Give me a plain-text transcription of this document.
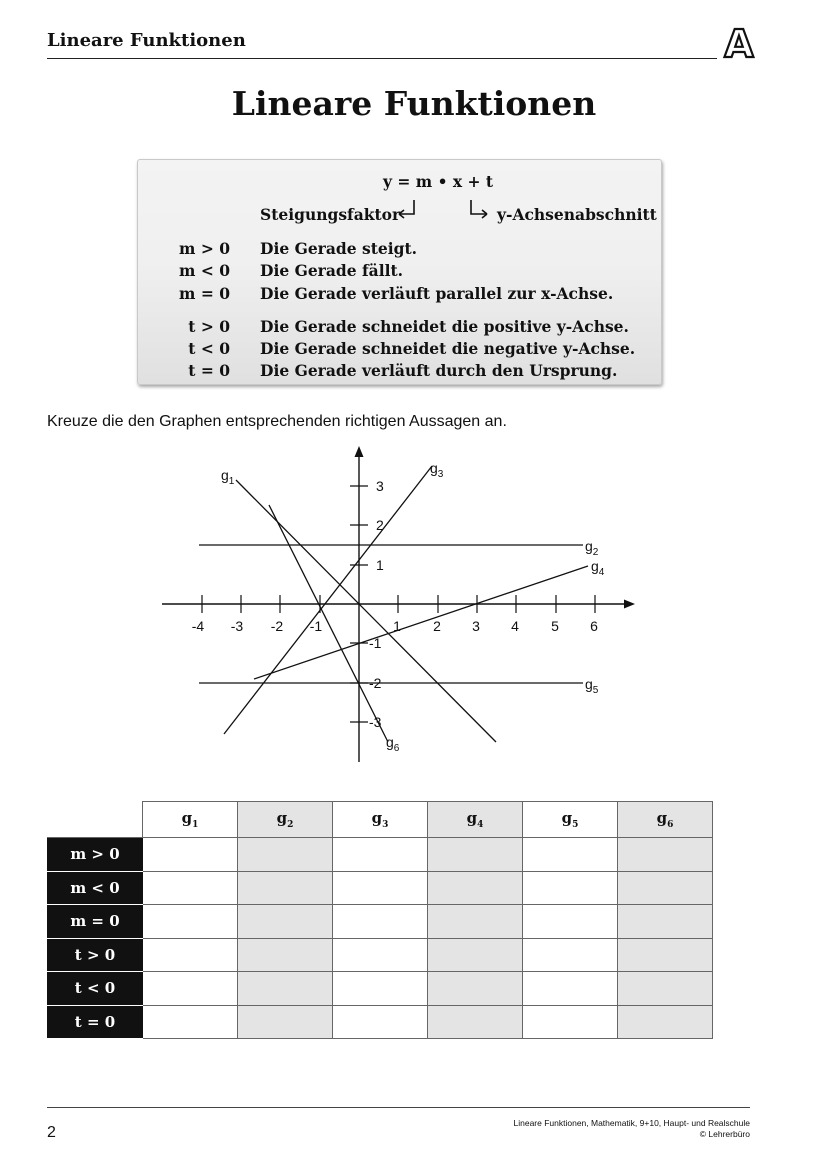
Lineare Funktionen	A
Lineare Funktionen
y = m • x + t
Steigungsfaktor	y-Achsenabschnitt
m > 0 Die Gerade steigt.
m < 0 Die Gerade fällt.
m = 0 Die Gerade verläuft parallel zur x-Achse.
t > 0 Die Gerade schneidet die positive y-Achse.
t < 0 Die Gerade schneidet die negative y-Achse.
t = 0 Die Gerade verläuft durch den Ursprung.
Kreuze die den Graphen entsprechenden richtigen Aussagen an.
-4 -3 -2 -1	1 2 3 4 5 6
3
2
1
-1
-2
-3
$g_1$
$g_2$
$g_3$
$g_4$
$g_5$
$g_6$
	$g_1$	$g_2$	$g_3$	$g_4$	$g_5$	$g_6$
m > 0						
m < 0						
m = 0						
t > 0						
t < 0						
t = 0						
2
Lineare Funktionen, Mathematik, 9+10, Haupt- und Realschule
© Lehrerbüro
